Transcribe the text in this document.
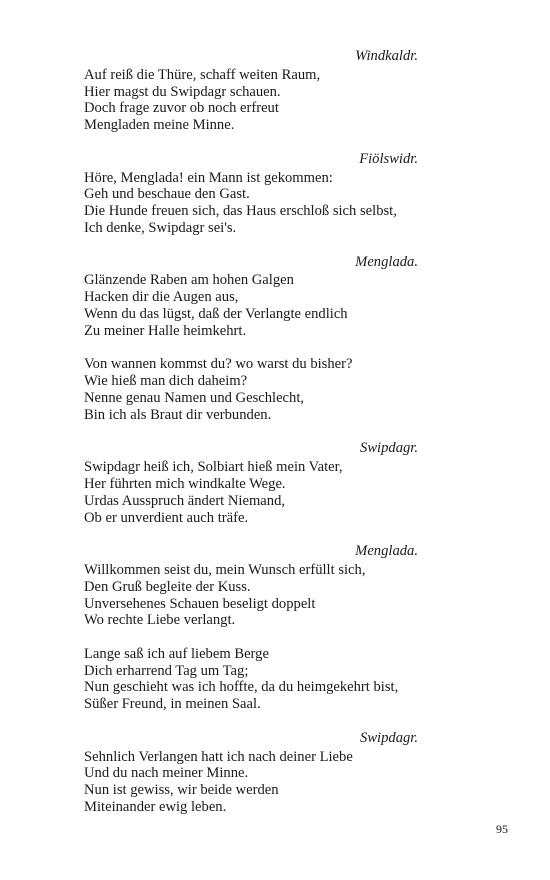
Windkaldr.
Auf reiß die Thüre, schaff weiten Raum,
Hier magst du Swipdagr schauen.
Doch frage zuvor ob noch erfreut
Mengladen meine Minne.
Fiölswidr.
Höre, Menglada! ein Mann ist gekommen:
Geh und beschaue den Gast.
Die Hunde freuen sich, das Haus erschloß sich selbst,
Ich denke, Swipdagr sei's.
Menglada.
Glänzende Raben am hohen Galgen
Hacken dir die Augen aus,
Wenn du das lügst, daß der Verlangte endlich
Zu meiner Halle heimkehrt.
Von wannen kommst du? wo warst du bisher?
Wie hieß man dich daheim?
Nenne genau Namen und Geschlecht,
Bin ich als Braut dir verbunden.
Swipdagr.
Swipdagr heiß ich, Solbiart hieß mein Vater,
Her führten mich windkalte Wege.
Urdas Ausspruch ändert Niemand,
Ob er unverdient auch träfe.
Menglada.
Willkommen seist du, mein Wunsch erfüllt sich,
Den Gruß begleite der Kuss.
Unversehenes Schauen beseligt doppelt
Wo rechte Liebe verlangt.
Lange saß ich auf liebem Berge
Dich erharrend Tag um Tag;
Nun geschieht was ich hoffte, da du heimgekehrt bist,
Süßer Freund, in meinen Saal.
Swipdagr.
Sehnlich Verlangen hatt ich nach deiner Liebe
Und du nach meiner Minne.
Nun ist gewiss, wir beide werden
Miteinander ewig leben.
95
